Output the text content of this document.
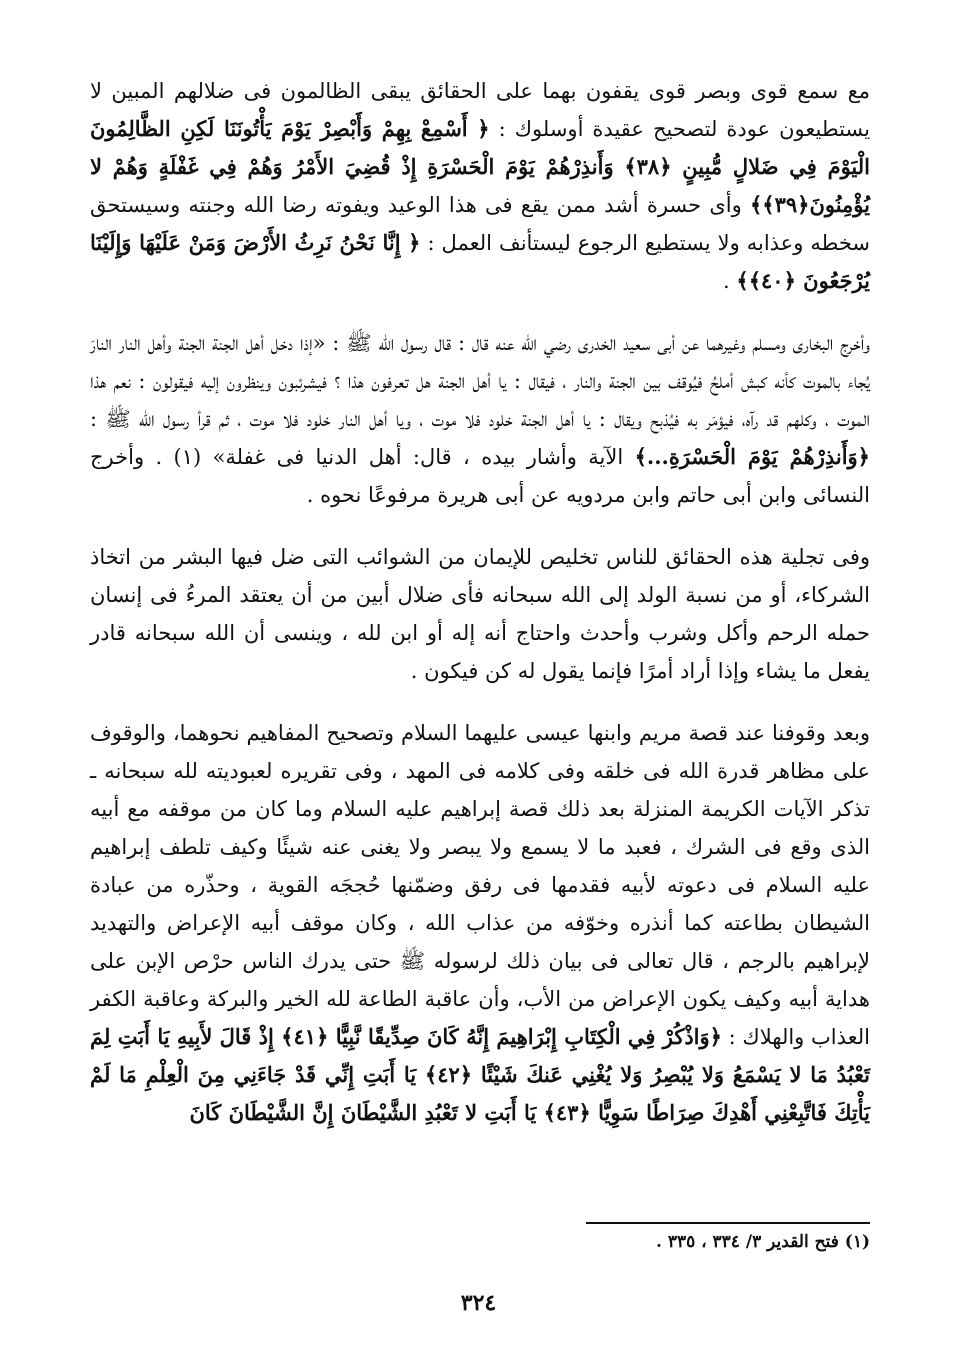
مع سمع قوى وبصر قوى يقفون بهما على الحقائق يبقى الظالمون فى ضلالهم المبين لا يستطيعون عودة لتصحيح عقيدة أوسلوك : ﴿ أَسْمِعْ بِهِمْ وَأَبْصِرْ يَوْمَ يَأْتُونَنَا لَكِنِ الظَّالِمُونَ الْيَوْمَ فِي ضَلالٍ مُّبِينٍ ﴿٣٨﴾ وَأَنذِرْهُمْ يَوْمَ الْحَسْرَةِ إِذْ قُضِيَ الأَمْرُ وَهُمْ فِي غَفْلَةٍ وَهُمْ لا يُؤْمِنُونَ﴿٣٩﴾﴾ وأى حسرة أشد ممن يقع فى هذا الوعيد ويفوته رضا الله وجنته وسيستحق سخطه وعذابه ولا يستطيع الرجوع ليستأنف العمل : ﴿ إِنَّا نَحْنُ نَرِثُ الأَرْضَ وَمَنْ عَلَيْهَا وَإِلَيْنَا يُرْجَعُونَ ﴿٤٠﴾﴾ .

وأخرج البخارى ومسلم وغيرهما عن أبى سعيد الخدرى رضي الله عنه قال : قال رسول الله ﷺ : «إذا دخل أهل الجنة الجنة وأهل النار النارَ يُجاء بالموت كأنه كبش أملحُ فيُوقف بين الجنة والنار ، فيقال : يا أهل الجنة هل تعرفون هذا ؟ فيشرئبون وينظرون إليه فيقولون : نعم هذا الموت ، وكلهم قد رآه، فيؤمَر به فيُذبح ويقال : يا أهل الجنة خلود فلا موت ، ويا أهل النار خلود فلا موت ، ثم قرأ رسول الله ﷺ : ﴿وَأَنذِرْهُمْ يَوْمَ الْحَسْرَةِ...﴾ الآية وأشار بيده ، قال: أهل الدنيا فى غفلة» (١) . وأخرج النسائى وابن أبى حاتم وابن مردويه عن أبى هريرة مرفوعًا نحوه .

وفى تجلية هذه الحقائق للناس تخليص للإيمان من الشوائب التى ضل فيها البشر من اتخاذ الشركاء، أو من نسبة الولد إلى الله سبحانه فأى ضلال أبين من أن يعتقد المرءُ فى إنسان حمله الرحم وأكل وشرب وأحدث واحتاج أنه إله أو ابن لله ، وينسى أن الله سبحانه قادر يفعل ما يشاء وإذا أراد أمرًا فإنما يقول له كن فيكون .

وبعد وقوفنا عند قصة مريم وابنها عيسى عليهما السلام وتصحيح المفاهيم نحوهما، والوقوف على مظاهر قدرة الله فى خلقه وفى كلامه فى المهد ، وفى تقريره لعبوديته لله سبحانه ـ تذكر الآيات الكريمة المنزلة بعد ذلك قصة إبراهيم عليه السلام وما كان من موقفه مع أبيه الذى وقع فى الشرك ، فعبد ما لا يسمع ولا يبصر ولا يغنى عنه شيئًا وكيف تلطف إبراهيم عليه السلام فى دعوته لأبيه فقدمها فى رفق وضمّنها حُججَه القوية ، وحذّره من عبادة الشيطان بطاعته كما أنذره وخوّفه من عذاب الله ، وكان موقف أبيه الإعراض والتهديد لإبراهيم بالرجم ، قال تعالى فى بيان ذلك لرسوله ﷺ حتى يدرك الناس حرْص الإبن على هداية أبيه وكيف يكون الإعراض من الأب، وأن عاقبة الطاعة لله الخير والبركة وعاقبة الكفر العذاب والهلاك : ﴿وَاذْكُرْ فِي الْكِتَابِ إِبْرَاهِيمَ إِنَّهُ كَانَ صِدِّيقًا نَّبِيًّا ﴿٤١﴾ إِذْ قَالَ لأَبِيهِ يَا أَبَتِ لِمَ تَعْبُدُ مَا لا يَسْمَعُ وَلا يُبْصِرُ وَلا يُغْنِي عَنكَ شَيْئًا ﴿٤٢﴾ يَا أَبَتِ إِنِّي قَدْ جَاءَنِي مِنَ الْعِلْمِ مَا لَمْ يَأْتِكَ فَاتَّبِعْنِي أَهْدِكَ صِرَاطًا سَوِيًّا ﴿٤٣﴾ يَا أَبَتِ لا تَعْبُدِ الشَّيْطَانَ إِنَّ الشَّيْطَانَ كَانَ

(١) فتح القدير ٣/ ٣٣٤ ، ٣٣٥ .
٣٢٤
